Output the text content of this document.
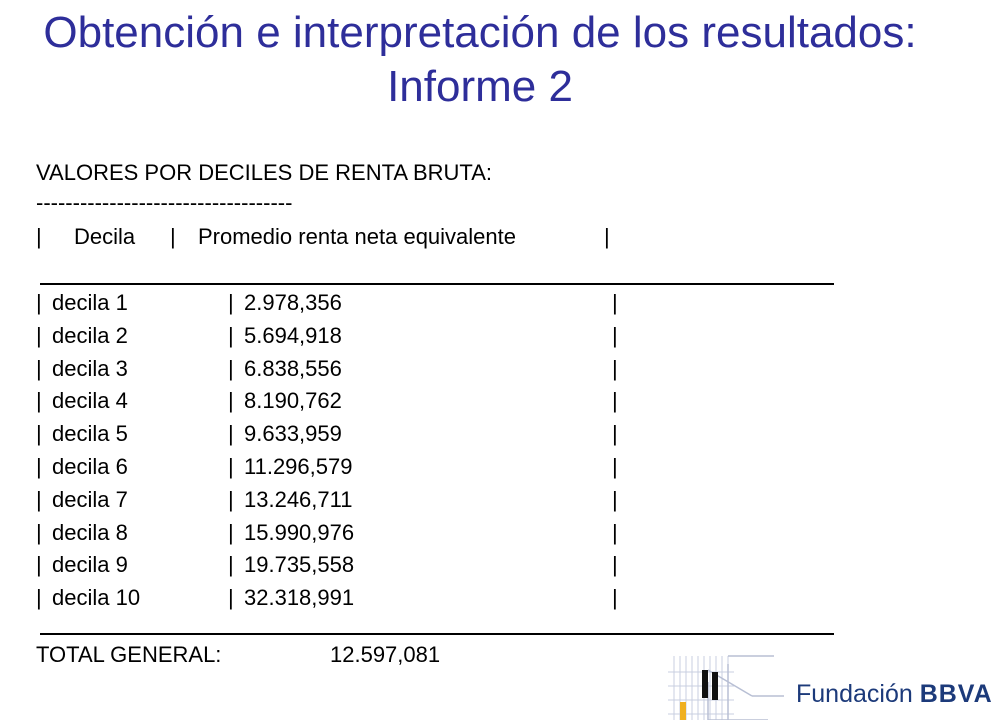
Obtención e interpretación de los resultados: Informe 2
VALORES POR DECILES DE RENTA BRUTA:
-----------------------------------
| Decila | Promedio renta neta equivalente	|
| decila 1	| 2.978,356	|
| decila 2	| 5.694,918	|
| decila 3	| 6.838,556	|
| decila 4	| 8.190,762	|
| decila 5	| 9.633,959	|
| decila 6	| 11.296,579	|
| decila 7	| 13.246,711	|
| decila 8	| 15.990,976	|
| decila 9	| 19.735,558	|
| decila 10	| 32.318,991	|
TOTAL GENERAL:	12.597,081
Fundación BBVA
